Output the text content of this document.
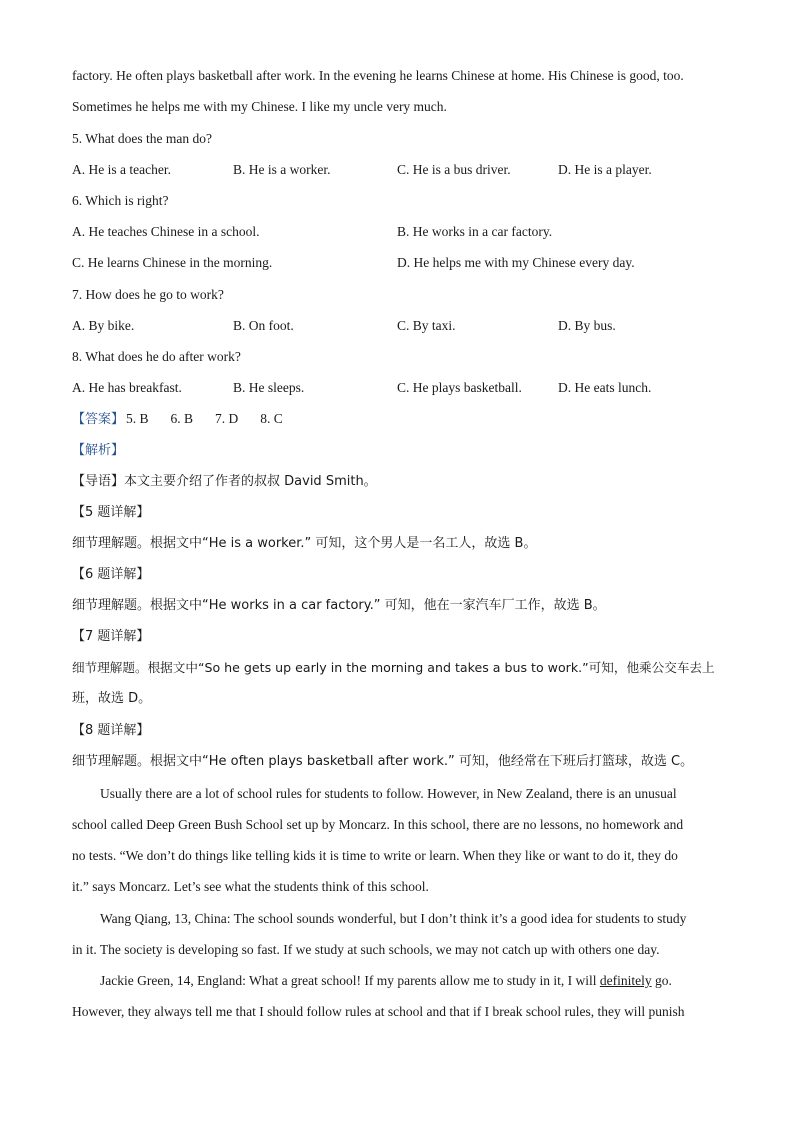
factory. He often plays basketball after work. In the evening he learns Chinese at home. His Chinese is good, too.
Sometimes he helps me with my Chinese. I like my uncle very much.
5. What does the man do?
A. He is a teacher.	B. He is a worker.	C. He is a bus driver.	D. He is a player.
6. Which is right?
A. He teaches Chinese in a school.	B. He works in a car factory.
C. He learns Chinese in the morning.	D. He helps me with my Chinese every day.
7. How does he go to work?
A. By bike.	B. On foot.	C. By taxi.	D. By bus.
8. What does he do after work?
A. He has breakfast.	B. He sleeps.	C. He plays basketball.	D. He eats lunch.
【答案】 5. B 6. B 7. D 8. C
【解析】
【导语】本文主要介绍了作者的叔叔 David Smith。
【5 题详解】
细节理解题。根据文中“He is a worker.” 可知，这个男人是一名工人，故选 B。
【6 题详解】
细节理解题。根据文中“He works in a car factory.” 可知，他在一家汽车厂工作，故选 B。
【7 题详解】
细节理解题。根据文中“So he gets up early in the morning and takes a bus to work.”可知，他乘公交车去上
班，故选 D。
【8 题详解】
细节理解题。根据文中“He often plays basketball after work.” 可知，他经常在下班后打篮球，故选 C。
Usually there are a lot of school rules for students to follow. However, in New Zealand, there is an unusual
school called Deep Green Bush School set up by Moncarz. In this school, there are no lessons, no homework and
no tests. “We don’t do things like telling kids it is time to write or learn. When they like or want to do it, they do
it.” says Moncarz. Let’s see what the students think of this school.
Wang Qiang, 13, China: The school sounds wonderful, but I don’t think it’s a good idea for students to study
in it. The society is developing so fast. If we study at such schools, we may not catch up with others one day.
Jackie Green, 14, England: What a great school! If my parents allow me to study in it, I will definitely go.
However, they always tell me that I should follow rules at school and that if I break school rules, they will punish
